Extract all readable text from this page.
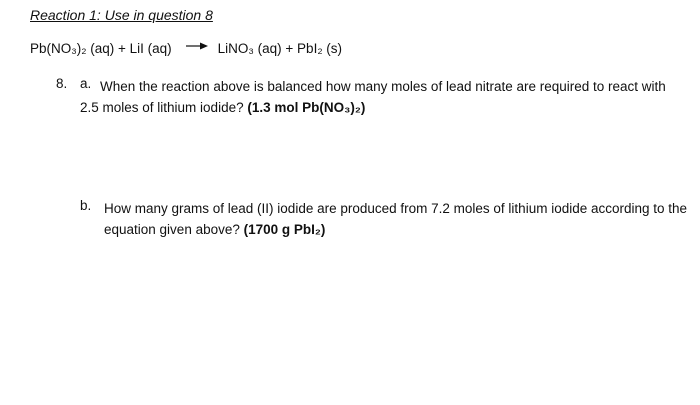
Reaction 1: Use in question 8
Pb(NO₃)₂ (aq) + LiI (aq) → LiNO₃ (aq) + PbI₂ (s)
8. a. When the reaction above is balanced how many moles of lead nitrate are required to react with 2.5 moles of lithium iodide? (1.3 mol Pb(NO₃)₂)
b. How many grams of lead (II) iodide are produced from 7.2 moles of lithium iodide according to the equation given above? (1700 g PbI₂)
